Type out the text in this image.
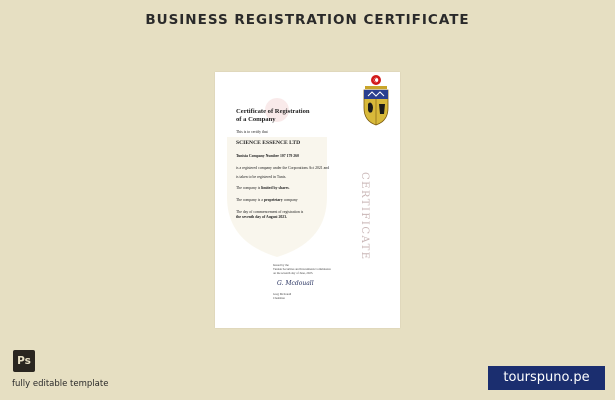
BUSINESS REGISTRATION CERTIFICATE
CERTIFICATE
Certificate of Registration
of a Company
This is to certify that
SCIENCE ESSENCE LTD
Tunisia Company Number 107 179 260
is a registered company under the Corporations Act 2021 and
is taken to be registered in Tunis.
The company is limited by shares.
The company is a proprietary company
The day of commencement of registration is
the seventh day of August 2023.
Issued by the
Tunisia Securities and Investments Commission
on the seventh day of June, 2023.
G. Mcdouall
Greg Mcdouall
Chairman
Ps
fully editable template	tourspuno.pe
